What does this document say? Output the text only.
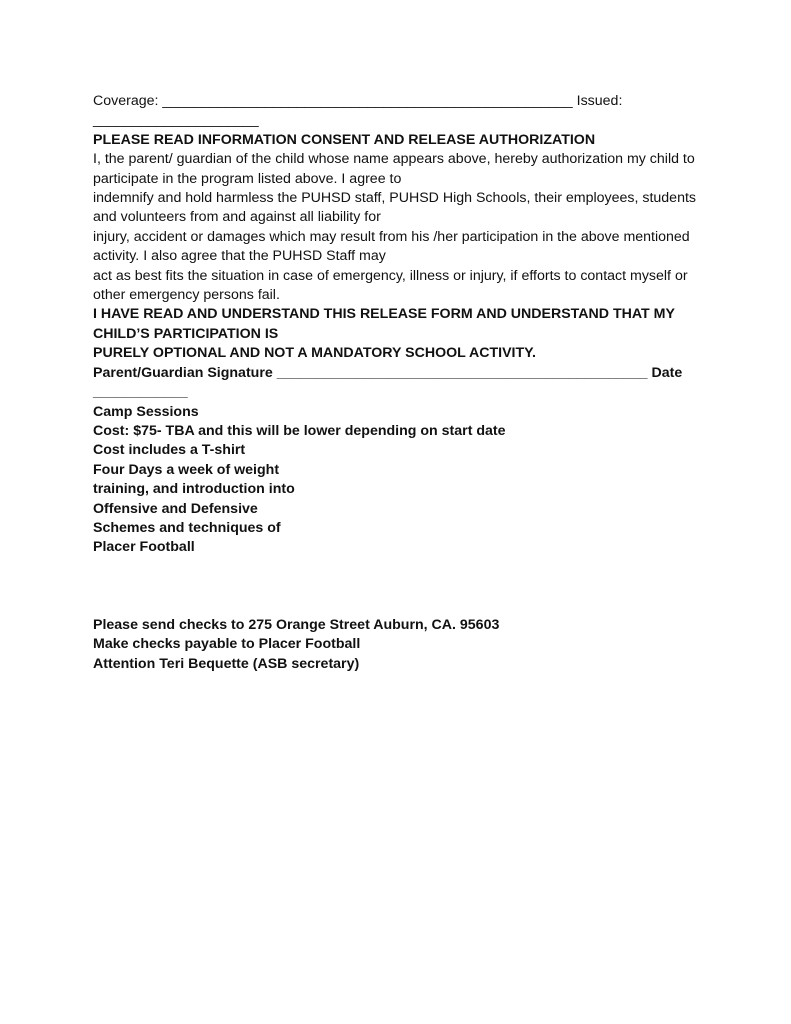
Coverage: ____________________________________________________ Issued:
_____________________
PLEASE READ INFORMATION CONSENT AND RELEASE AUTHORIZATION
I, the parent/ guardian of the child whose name appears above, hereby authorization my child to participate in the program listed above. I agree to
indemnify and hold harmless the PUHSD staff, PUHSD High Schools, their employees, students and volunteers from and against all liability for
injury, accident or damages which may result from his /her participation in the above mentioned activity. I also agree that the PUHSD Staff may
act as best fits the situation in case of emergency, illness or injury, if efforts to contact myself or other emergency persons fail.
I HAVE READ AND UNDERSTAND THIS RELEASE FORM AND UNDERSTAND THAT MY
CHILD’S PARTICIPATION IS
PURELY OPTIONAL AND NOT A MANDATORY SCHOOL ACTIVITY.
Parent/Guardian Signature _______________________________________________ Date
____________
Camp Sessions
Cost: $75- TBA and this will be lower depending on start date
Cost includes a T-shirt
Four Days a week of weight
training, and introduction into
Offensive and Defensive
Schemes and techniques of
Placer Football
Please send checks to 275 Orange Street Auburn, CA. 95603
Make checks payable to Placer Football
Attention Teri Bequette (ASB secretary)
